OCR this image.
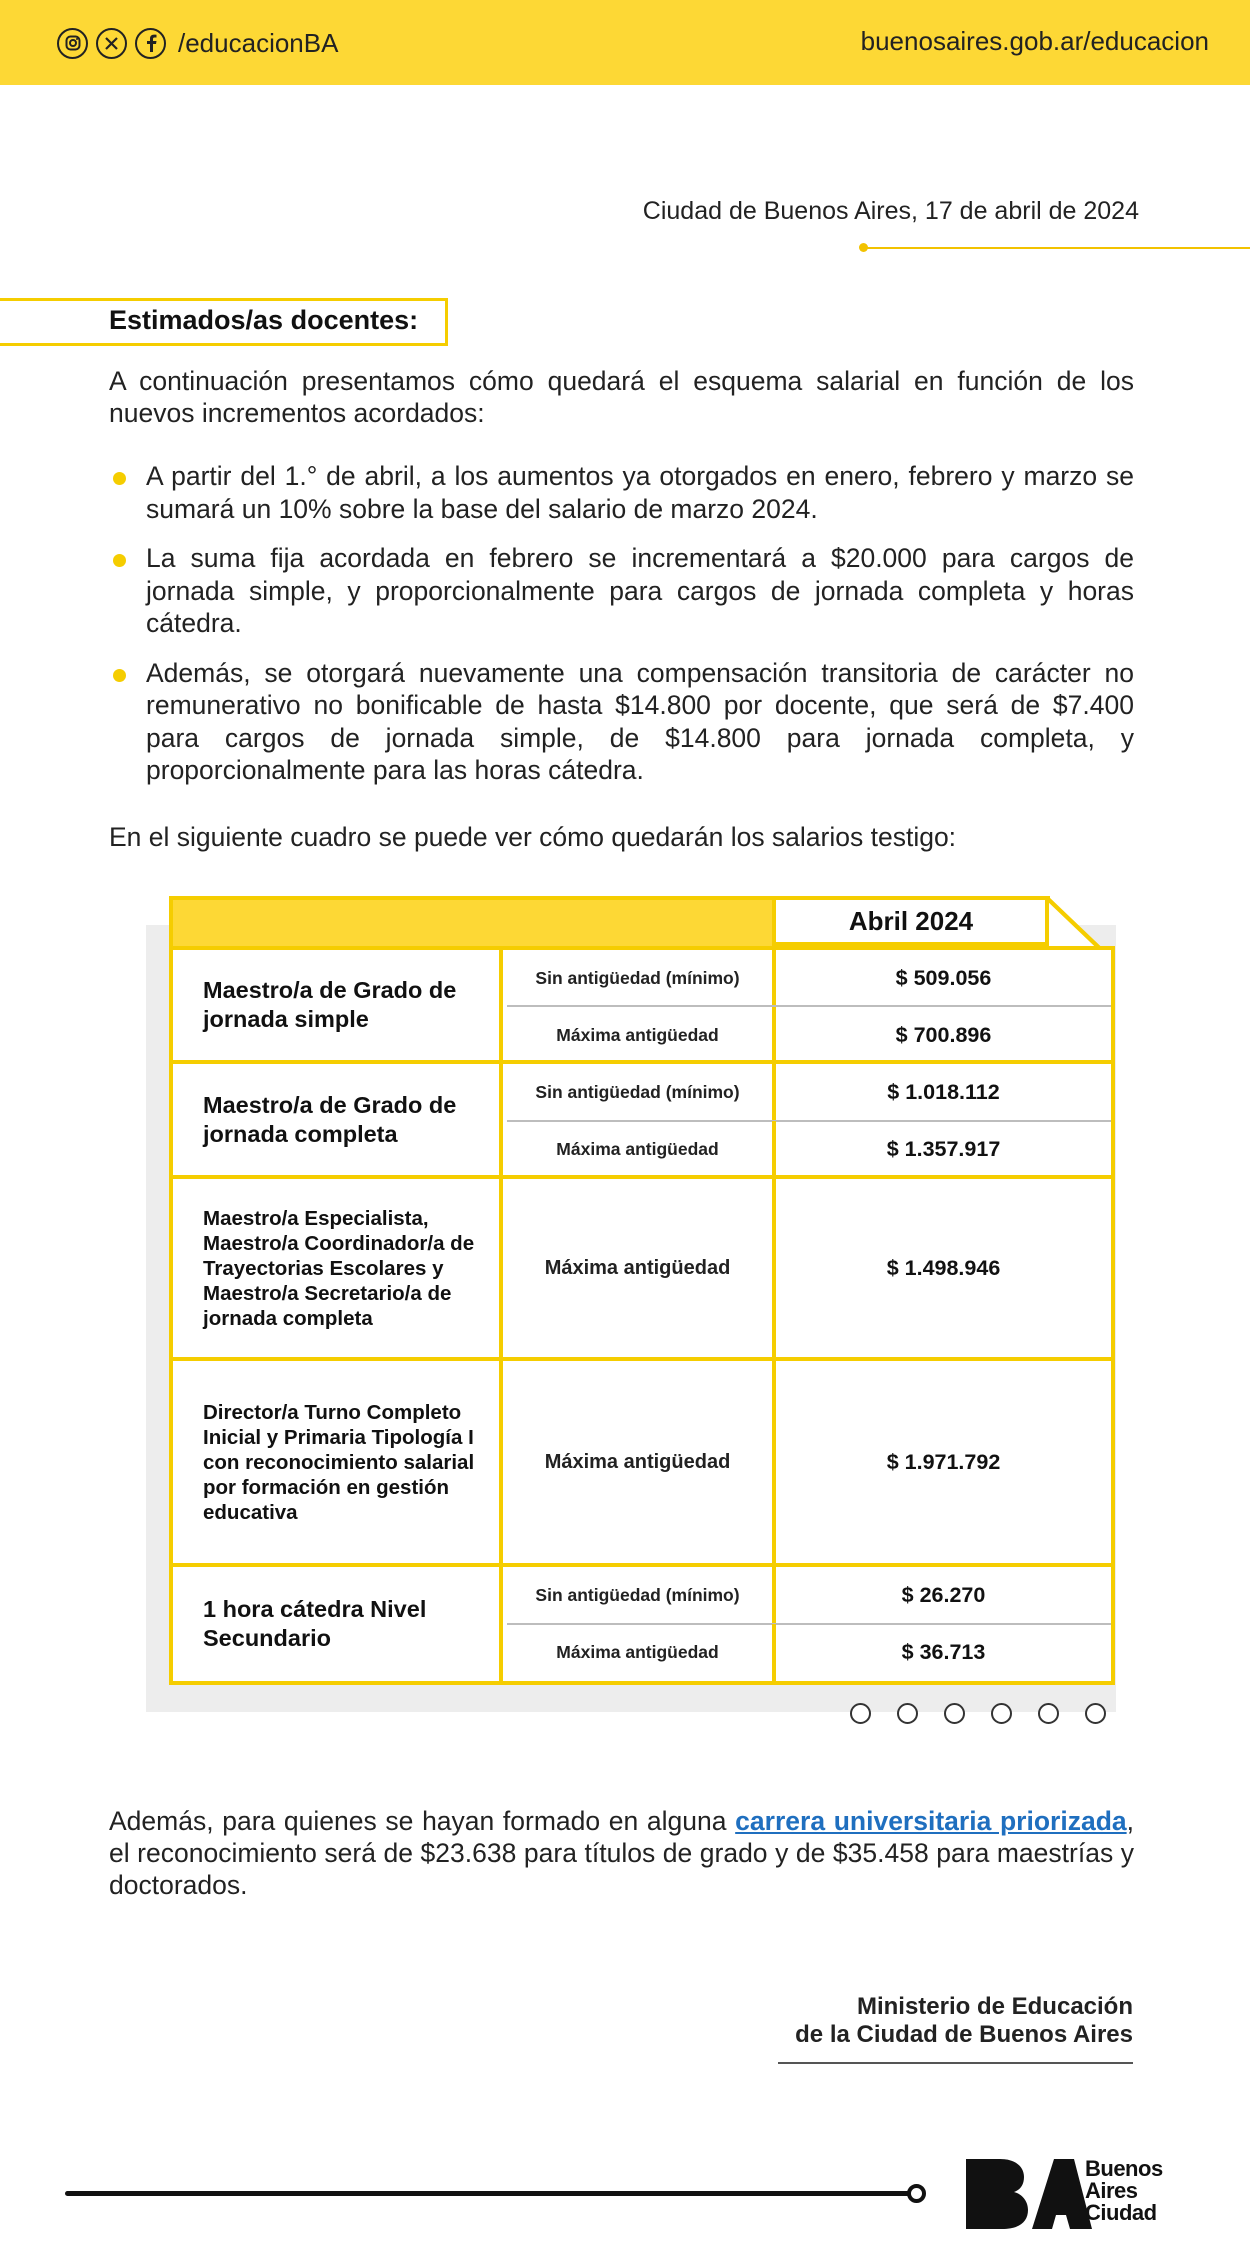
/educacionBA	buenosaires.gob.ar/educacion
Ciudad de Buenos Aires, 17 de abril de 2024
Estimados/as docentes:
A continuación presentamos cómo quedará el esquema salarial en función de los nuevos incrementos acordados:
A partir del 1.° de abril, a los aumentos ya otorgados en enero, febrero y marzo se sumará un 10% sobre la base del salario de marzo 2024.
La suma fija acordada en febrero se incrementará a $20.000 para cargos de jornada simple, y proporcionalmente para cargos de jornada completa y horas cátedra.
Además, se otorgará nuevamente una compensación transitoria de carácter no remunerativo no bonificable de hasta $14.800 por docente, que será de $7.400 para cargos de jornada simple, de $14.800 para jornada completa, y proporcionalmente para las horas cátedra.
En el siguiente cuadro se puede ver cómo quedarán los salarios testigo:
Abril 2024
Maestro/a de Grado de jornada simple
Sin antigüedad (mínimo)	$ 509.056
Máxima antigüedad	$ 700.896
Maestro/a de Grado de jornada completa
Sin antigüedad (mínimo)	$ 1.018.112
Máxima antigüedad	$ 1.357.917
Maestro/a Especialista, Maestro/a Coordinador/a de Trayectorias Escolares y Maestro/a Secretario/a de jornada completa
Máxima antigüedad	$ 1.498.946
Director/a Turno Completo Inicial y Primaria Tipología I con reconocimiento salarial por formación en gestión educativa
Máxima antigüedad	$ 1.971.792
1 hora cátedra Nivel Secundario
Sin antigüedad (mínimo)	$ 26.270
Máxima antigüedad	$ 36.713
Además, para quienes se hayan formado en alguna carrera universitaria priorizada, el reconocimiento será de $23.638 para títulos de grado y de $35.458 para maestrías y doctorados.
Ministerio de Educación
de la Ciudad de Buenos Aires
Buenos
Aires
Ciudad
